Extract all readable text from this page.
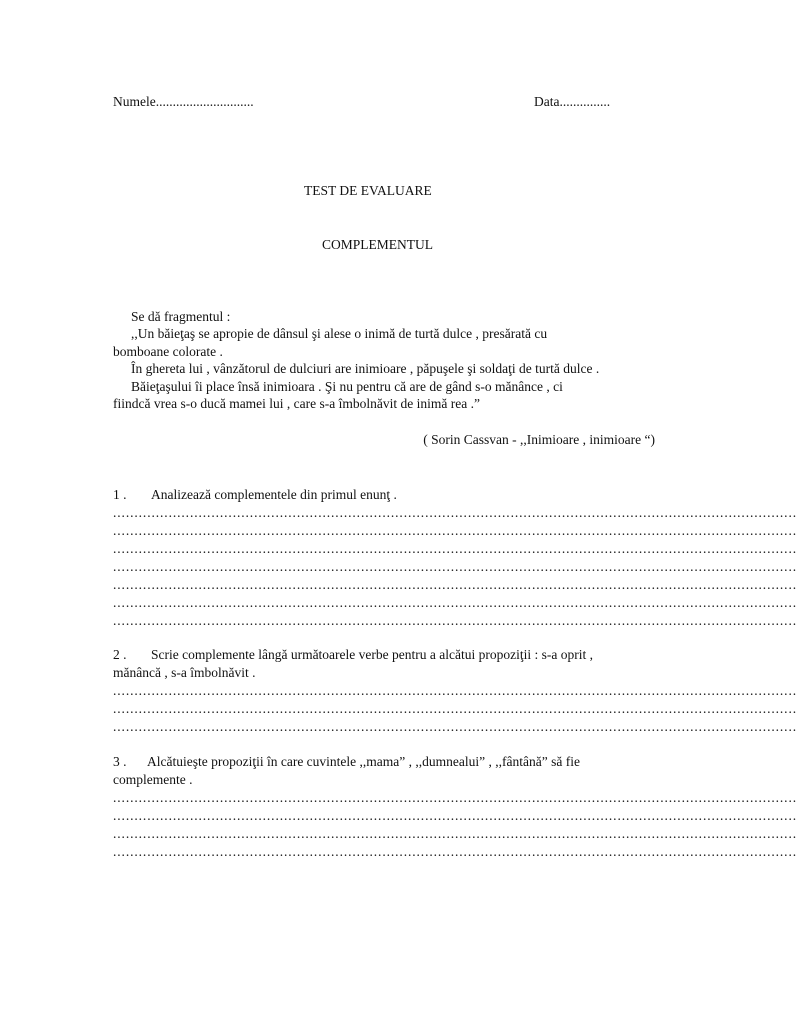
Numele.............................	Data...............
TEST DE EVALUARE
COMPLEMENTUL
Se dă fragmentul :
,,Un băieţaş se apropie de dânsul şi alese o inimă de turtă dulce , presărată cu
bomboane colorate .
În ghereta lui , vânzătorul de dulciuri are inimioare , păpuşele şi soldaţi de turtă dulce .
Băieţaşului îi place însă inimioara . Şi nu pentru că are de gând s-o mănânce , ci
fiindcă vrea s-o ducă mamei lui , care s-a îmbolnăvit de inimă rea .”
( Sorin Cassvan - ,,Inimioare , inimioare “)
1 . Analizează complementele din primul enunţ .
................................................................................................................................................................
................................................................................................................................................................
................................................................................................................................................................
................................................................................................................................................................
................................................................................................................................................................
................................................................................................................................................................
................................................................................................................................................................
2 . Scrie complemente lângă următoarele verbe pentru a alcătui propoziţii : s-a oprit ,
mănâncă , s-a îmbolnăvit .
................................................................................................................................................................
................................................................................................................................................................
................................................................................................................................................................
3 . Alcătuieşte propoziţii în care cuvintele ,,mama” , ,,dumnealui” , ,,fântână” să fie
complemente .
................................................................................................................................................................
................................................................................................................................................................
................................................................................................................................................................
................................................................................................................................................................
